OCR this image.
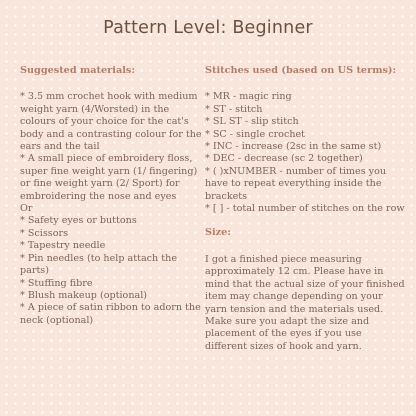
Pattern Level: Beginner
Suggested materials:
* 3.5 mm crochet hook with medium weight yarn (4/Worsted) in the colours of your choice for the cat's body and a contrasting colour for the ears and the tail
* A small piece of embroidery floss, super fine weight yarn (1/ fingering) or fine weight yarn (2/ Sport) for embroidering the nose and eyes
Or
* Safety eyes or buttons
* Scissors
* Tapestry needle
* Pin needles (to help attach the parts)
* Stuffing fibre
* Blush makeup (optional)
* A piece of satin ribbon to adorn the neck (optional)
Stitches used (based on US terms):
* MR - magic ring
* ST - stitch
* SL ST - slip stitch
* SC - single crochet
* INC - increase (2sc in the same st)
* DEC - decrease (sc 2 together)
* ( )xNUMBER - number of times you have to repeat everything inside the brackets
* [ ] - total number of stitches on the row
Size:

I got a finished piece measuring approximately 12 cm. Please have in mind that the actual size of your finished item may change depending on your yarn tension and the materials used. Make sure you adapt the size and placement of the eyes if you use different sizes of hook and yarn.
